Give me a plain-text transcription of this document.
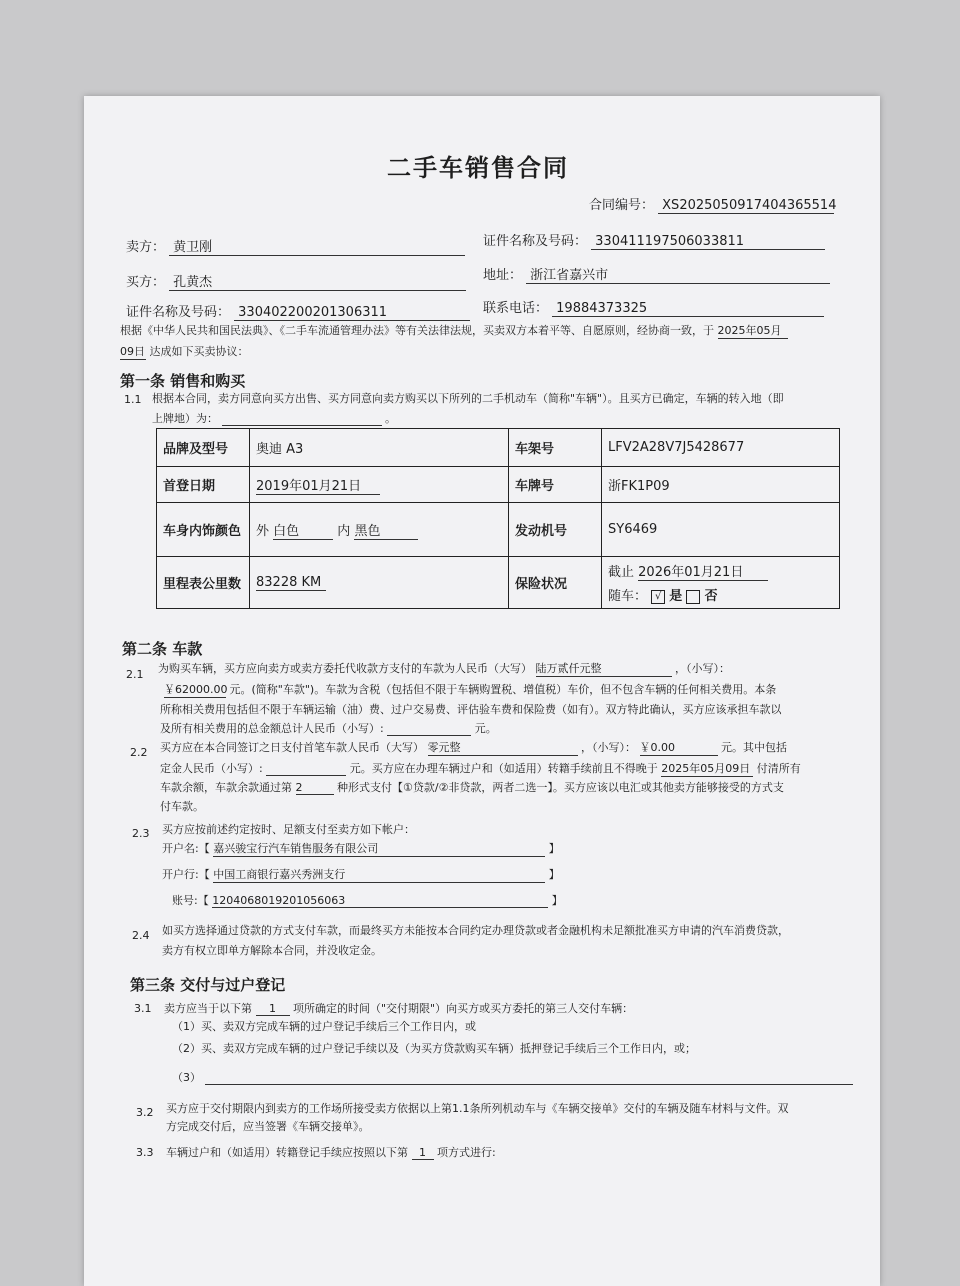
二手车销售合同
合同编号： XS2025050917404365514
卖方： 黄卫刚	证件名称及号码： 330411197506033811
买方： 孔黄杰	地址： 浙江省嘉兴市
证件名称及号码： 330402200201306311	联系电话： 19884373325
根据《中华人民共和国民法典》、《二手车流通管理办法》等有关法律法规，买卖双方本着平等、自愿原则，经协商一致，于 2025年05月
09日 达成如下买卖协议：
第一条 销售和购买
1.1 根据本合同，卖方同意向买方出售、买方同意向卖方购买以下所列的二手机动车（简称"车辆"）。且买方已确定，车辆的转入地（即
上牌地）为：	。
品牌及型号	奥迪 A3	车架号	LFV2A28V7J5428677
首登日期	2019年01月21日	车牌号	浙FK1P09
车身内饰颜色	外 白色 内 黑色	发动机号	SY6469
里程表公里数	83228 KM	保险状况	截止 2026年01月21日
随车： √ 是 否
第二条 车款
2.1 为购买车辆，买方应向卖方或卖方委托代收款方支付的车款为人民币（大写） 陆万贰仟元整	，（小写）：
￥62000.00 元。(简称"车款")。车款为含税（包括但不限于车辆购置税、增值税）车价，但不包含车辆的任何相关费用。本条
所称相关费用包括但不限于车辆运输（油）费、过户交易费、评估验车费和保险费（如有）。双方特此确认，买方应该承担车款以
及所有相关费用的总金额总计人民币（小写）:	元。
2.2 买方应在本合同签订之日支付首笔车款人民币（大写） 零元整	，（小写）： ￥0.00	元。其中包括
定金人民币（小写）:	元。买方应在办理车辆过户和（如适用）转籍手续前且不得晚于 2025年05月09日 付清所有
车款余额，车款余款通过第 2	种形式支付【①贷款/②非贷款，两者二选一】。买方应该以电汇或其他卖方能够接受的方式支
付车款。
2.3 买方应按前述约定按时、足额支付至卖方如下帐户：
开户名:【 嘉兴骏宝行汽车销售服务有限公司	】
开户行:【 中国工商银行嘉兴秀洲支行	】
账号:【 1204068019201056063	】
2.4 如买方选择通过贷款的方式支付车款，而最终买方未能按本合同约定办理贷款或者金融机构未足额批准买方申请的汽车消费贷款，
卖方有权立即单方解除本合同，并没收定金。
第三条 交付与过户登记
3.1 卖方应当于以下第 1 项所确定的时间（"交付期限"）向买方或买方委托的第三人交付车辆：
（1）买、卖双方完成车辆的过户登记手续后三个工作日内，或
（2）买、卖双方完成车辆的过户登记手续以及（为买方贷款购买车辆）抵押登记手续后三个工作日内，或；
（3）
3.2 买方应于交付期限内到卖方的工作场所接受卖方依据以上第1.1条所列机动车与《车辆交接单》交付的车辆及随车材料与文件。双
方完成交付后，应当签署《车辆交接单》。
3.3 车辆过户和（如适用）转籍登记手续应按照以下第 1 项方式进行:
